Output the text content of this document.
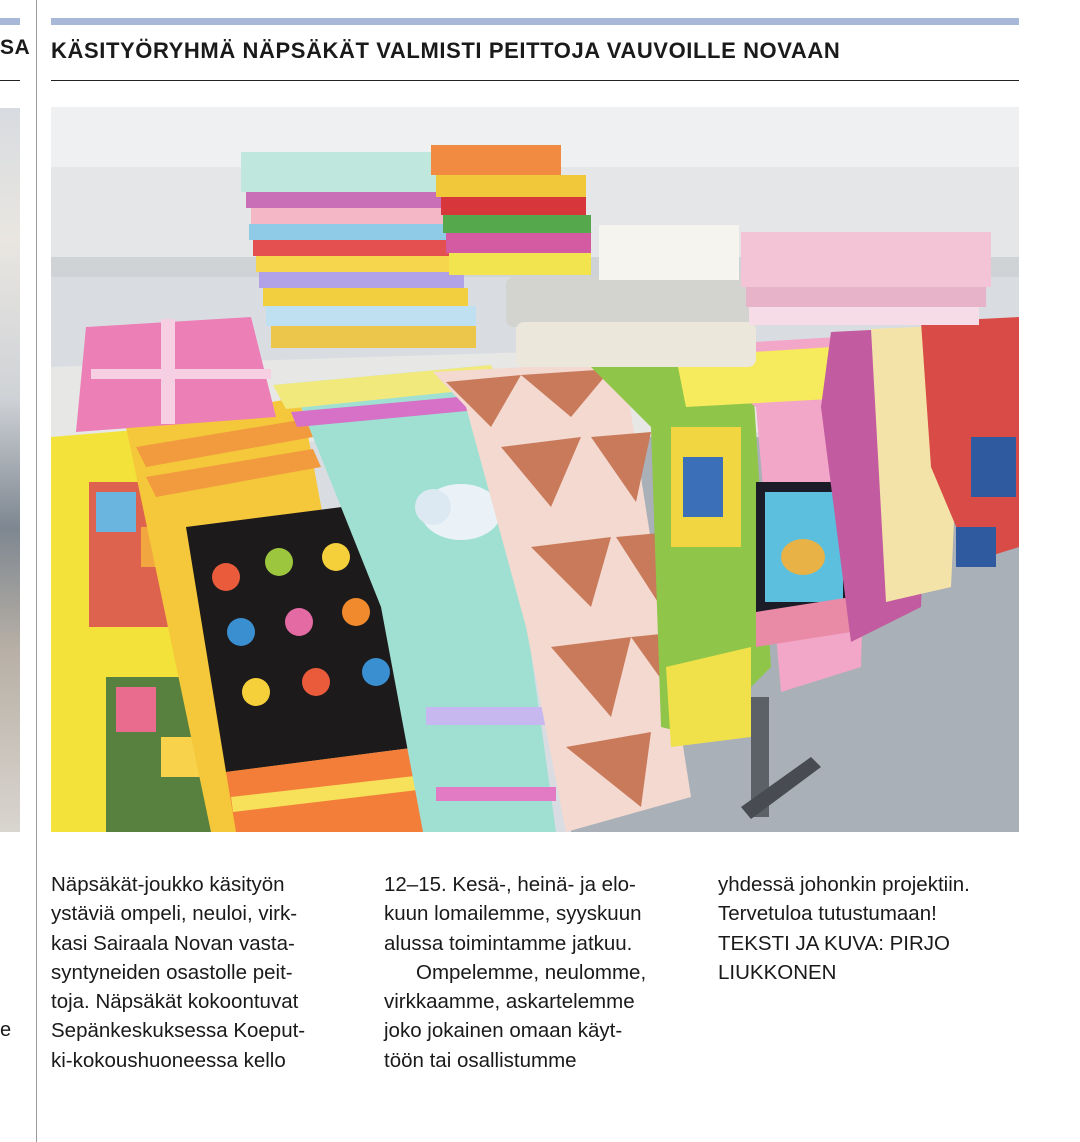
SA
e
KÄSITYÖRYHMÄ NÄPSÄKÄT VALMISTI PEITTOJA VAUVOILLE NOVAAN
Näpsäkät-joukko käsityön
ystäviä ompeli, neuloi, virk-
kasi Sairaala Novan vasta-
syntyneiden osastolle peit-
toja. Näpsäkät kokoontuvat
Sepänkeskuksessa Koeput-
ki-kokoushuoneessa kello
12–15. Kesä-, heinä- ja elo-
kuun lomailemme, syyskuun
alussa toimintamme jatkuu.
Ompelemme, neulomme,
virkkaamme, askartelemme
joko jokainen omaan käyt-
töön tai osallistumme
yhdessä johonkin projektiin.
Tervetuloa tutustumaan!
TEKSTI JA KUVA: PIRJO
LIUKKONEN
